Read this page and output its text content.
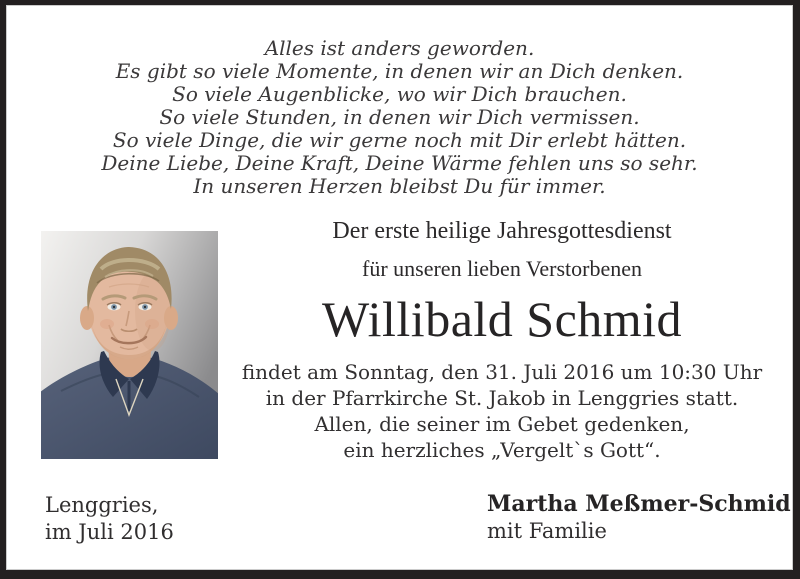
Alles ist anders geworden.
Es gibt so viele Momente, in denen wir an Dich denken.
So viele Augenblicke, wo wir Dich brauchen.
So viele Stunden, in denen wir Dich vermissen.
So viele Dinge, die wir gerne noch mit Dir erlebt hätten.
Deine Liebe, Deine Kraft, Deine Wärme fehlen uns so sehr.
In unseren Herzen bleibst Du für immer.
Der erste heilige Jahresgottesdienst
für unseren lieben Verstorbenen
Willibald Schmid
findet am Sonntag, den 31. Juli 2016 um 10:30 Uhr
in der Pfarrkirche St. Jakob in Lenggries statt.
Allen, die seiner im Gebet gedenken,
ein herzliches „Vergelt`s Gott“.
Lenggries,
im Juli 2016
Martha Meßmer-Schmid
mit Familie
